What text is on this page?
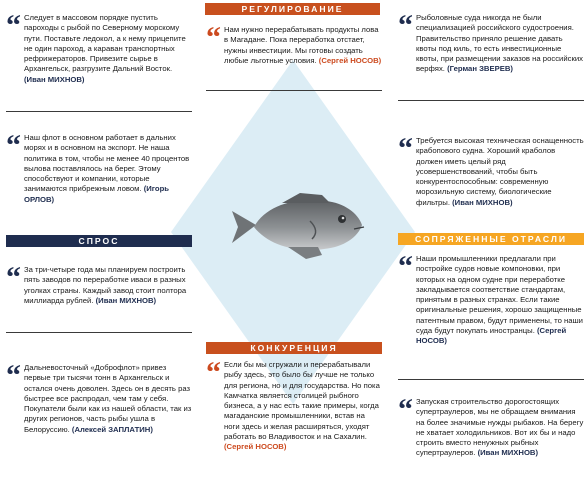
“ Следует в массовом порядке пустить пароходы с рыбой по Северному морскому пути. Поставьте ледокол, а к нему прицепите не один пароход, а караван транспортных рефрижераторов. Привезите сырье в Архангельск, разгрузите Дальний Восток. (Иван МИХНОВ)
“ Наш флот в основном работает в дальних морях и в основном на экспорт. Не наша политика в том, чтобы не менее 40 процентов вылова поставлялось на берег. Этому способствуют и компании, которые занимаются прибрежным ловом. (Игорь ОРЛОВ)
СПРОС
“ За три-четыре года мы планируем построить пять заводов по переработке иваси в разных уголках страны. Каждый завод стоит полтора миллиарда рублей. (Иван МИХНОВ)
“ Дальневосточный «Доброфлот» привез первые три тысячи тонн в Архангельск и остался очень доволен. Здесь он в десять раз быстрее все распродал, чем там у себя. Покупатели были как из нашей области, так из других регионов, часть рыбы ушла в Белоруссию. (Алексей ЗАПЛАТИН)
РЕГУЛИРОВАНИЕ
“ Нам нужно перерабатывать продукты лова в Магадане. Пока переработка отстает, нужны инвестиции. Мы готовы создать любые льготные условия. (Сергей НОСОВ)
КОНКУРЕНЦИЯ
“ Если бы мы сгружали и перерабатывали рыбу здесь, это было бы лучше не только для региона, но и для государства. Но пока Камчатка является столицей рыбного бизнеса, а у нас есть такие примеры, когда магаданские промышленники, встав на ноги здесь и желая расширяться, уходят работать во Владивосток и на Сахалин. (Сергей НОСОВ)
“ Рыболовные суда никогда не были специализацией российского судостроения. Правительство приняло решение давать квоты под киль, то есть инвестиционные квоты, при размещении заказов на российских верфях. (Герман ЗВЕРЕВ)
“ Требуется высокая техническая оснащенность крабопового судна. Хороший краболов должен иметь целый ряд усовершенствований, чтобы быть конкурентоспособным: современную морозильную систему, биологические фильтры. (Иван МИХНОВ)
СОПРЯЖЕННЫЕ ОТРАСЛИ
“ Наши промышленники предлагали при постройке судов новые компоновки, при которых на одном судне при переработке закладывается соответствие стандартам, принятым в разных странах. Если такие оригинальные решения, хорошо защищенные патентным правом, будут применены, то наши суда будут покупать иностранцы. (Сергей НОСОВ)
“ Запуская строительство дорогостоящих супертраулеров, мы не обращаем внимания на более значимые нужды рыбаков. На берегу не хватает холодильников. Вот их бы и надо строить вместо ненужных рыбных супертраулеров. (Иван МИХНОВ)
